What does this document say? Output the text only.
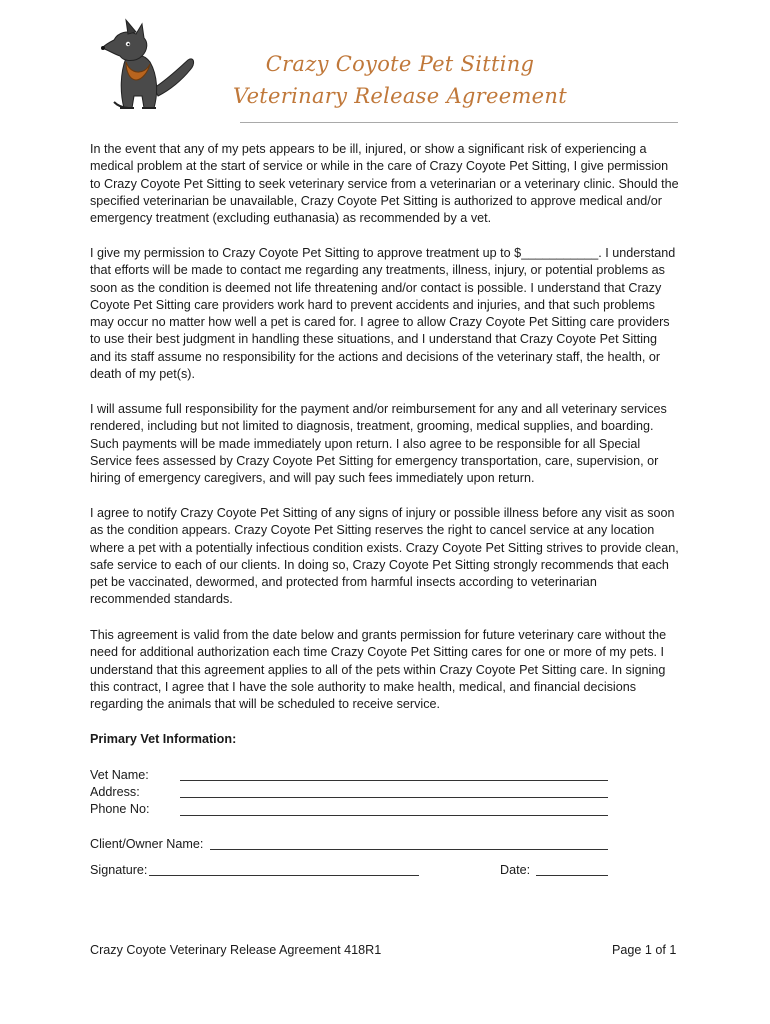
Crazy Coyote Pet Sitting
Veterinary Release Agreement

In the event that any of my pets appears to be ill, injured, or show a significant risk of experiencing a medical problem at the start of service or while in the care of Crazy Coyote Pet Sitting, I give permission to Crazy Coyote Pet Sitting to seek veterinary service from a veterinarian or a veterinary clinic. Should the specified veterinarian be unavailable, Crazy Coyote Pet Sitting is authorized to approve medical and/or emergency treatment (excluding euthanasia) as recommended by a vet.

I give my permission to Crazy Coyote Pet Sitting to approve treatment up to $___________. I understand that efforts will be made to contact me regarding any treatments, illness, injury, or potential problems as soon as the condition is deemed not life threatening and/or contact is possible. I understand that Crazy Coyote Pet Sitting care providers work hard to prevent accidents and injuries, and that such problems may occur no matter how well a pet is cared for. I agree to allow Crazy Coyote Pet Sitting care providers to use their best judgment in handling these situations, and I understand that Crazy Coyote Pet Sitting and its staff assume no responsibility for the actions and decisions of the veterinary staff, the health, or death of my pet(s).

I will assume full responsibility for the payment and/or reimbursement for any and all veterinary services rendered, including but not limited to diagnosis, treatment, grooming, medical supplies, and boarding. Such payments will be made immediately upon return. I also agree to be responsible for all Special Service fees assessed by Crazy Coyote Pet Sitting for emergency transportation, care, supervision, or hiring of emergency caregivers, and will pay such fees immediately upon return.

I agree to notify Crazy Coyote Pet Sitting of any signs of injury or possible illness before any visit as soon as the condition appears. Crazy Coyote Pet Sitting reserves the right to cancel service at any location where a pet with a potentially infectious condition exists. Crazy Coyote Pet Sitting strives to provide clean, safe service to each of our clients. In doing so, Crazy Coyote Pet Sitting strongly recommends that each pet be vaccinated, dewormed, and protected from harmful insects according to veterinarian recommended standards.

This agreement is valid from the date below and grants permission for future veterinary care without the need for additional authorization each time Crazy Coyote Pet Sitting cares for one or more of my pets. I understand that this agreement applies to all of the pets within Crazy Coyote Pet Sitting care. In signing this contract, I agree that I have the sole authority to make health, medical, and financial decisions regarding the animals that will be scheduled to receive service.

Primary Vet Information:
Vet Name:
Address:
Phone No:
Client/Owner Name:
Signature:	Date:
Crazy Coyote Veterinary Release Agreement 418R1	Page 1 of 1
